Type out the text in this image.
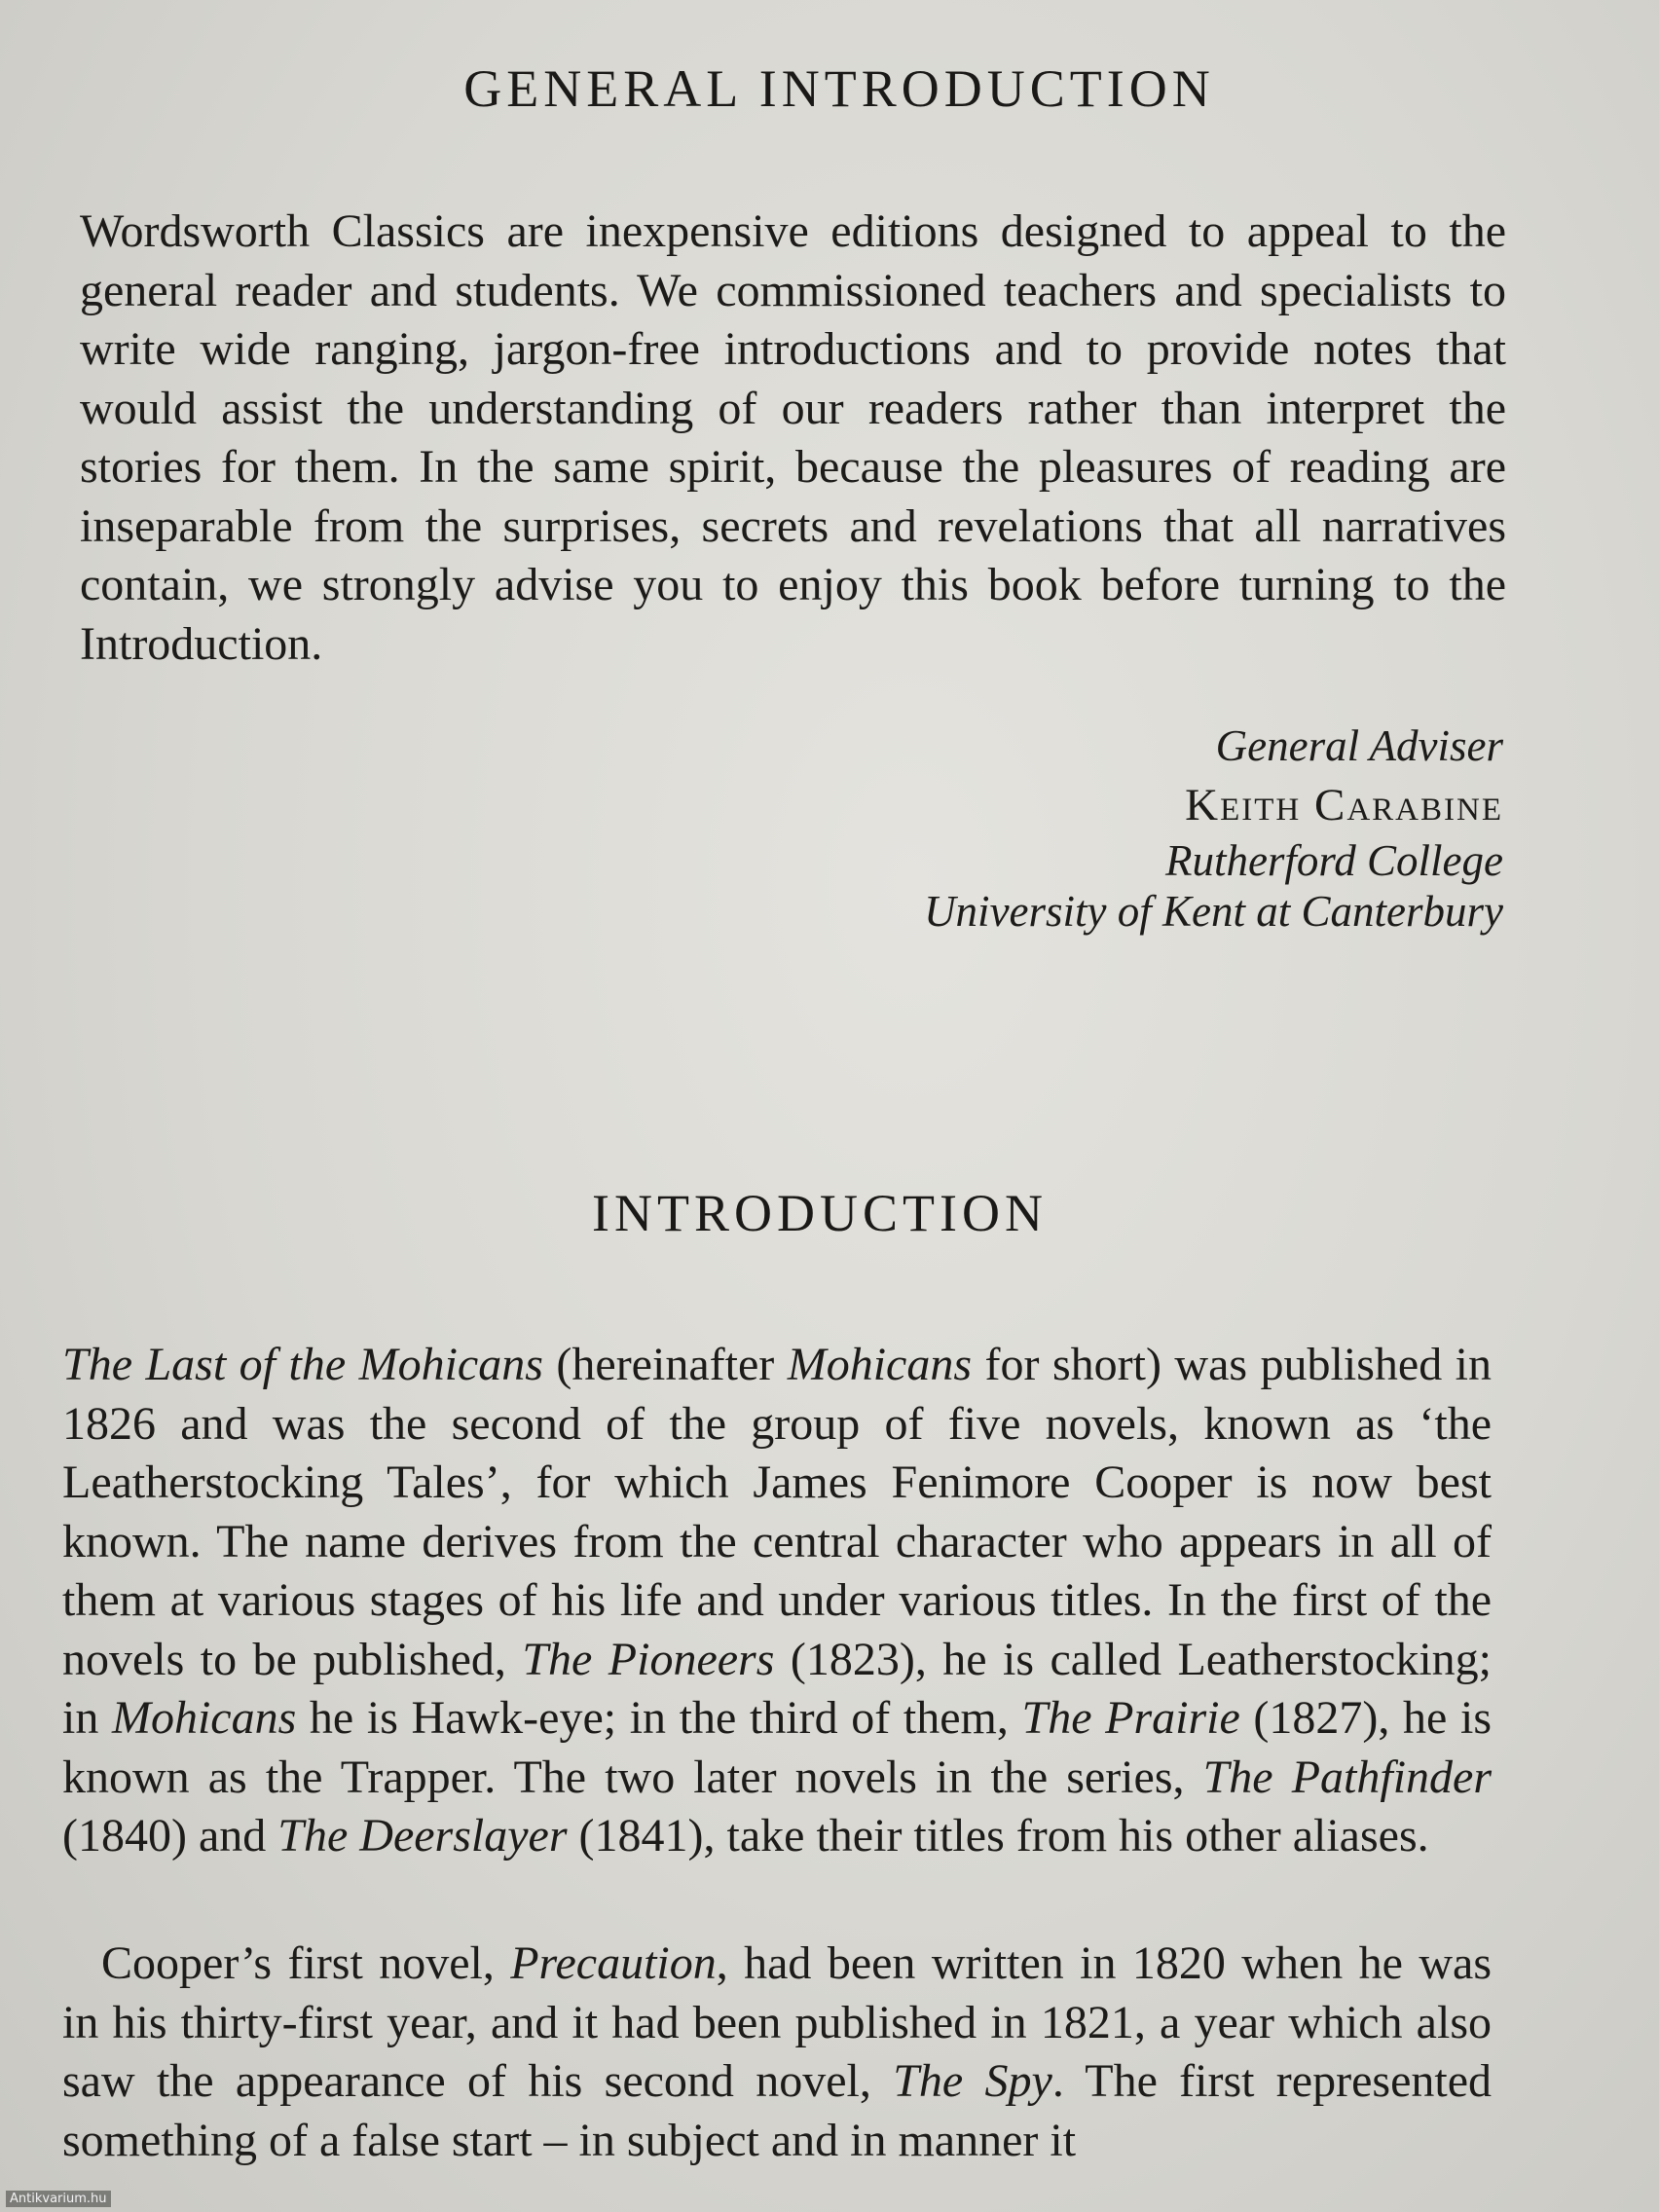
GENERAL INTRODUCTION

Wordsworth Classics are inexpensive editions designed to appeal to the general reader and students. We commissioned teachers and specialists to write wide ranging, jargon-free introductions and to provide notes that would assist the understanding of our readers rather than interpret the stories for them. In the same spirit, because the pleasures of reading are inseparable from the surprises, secrets and revelations that all narratives contain, we strongly advise you to enjoy this book before turning to the Introduction.

General Adviser
Keith Carabine
Rutherford College
University of Kent at Canterbury
INTRODUCTION

The Last of the Mohicans (hereinafter Mohicans for short) was published in 1826 and was the second of the group of five novels, known as ‘the Leatherstocking Tales’, for which James Fenimore Cooper is now best known. The name derives from the central character who appears in all of them at various stages of his life and under various titles. In the first of the novels to be published, The Pioneers (1823), he is called Leatherstocking; in Mohicans he is Hawk-eye; in the third of them, The Prairie (1827), he is known as the Trapper. The two later novels in the series, The Pathfinder (1840) and The Deerslayer (1841), take their titles from his other aliases.

Cooper’s first novel, Precaution, had been written in 1820 when he was in his thirty-first year, and it had been published in 1821, a year which also saw the appearance of his second novel, The Spy. The first represented something of a false start – in subject and in manner it

Antikvarium.hu
